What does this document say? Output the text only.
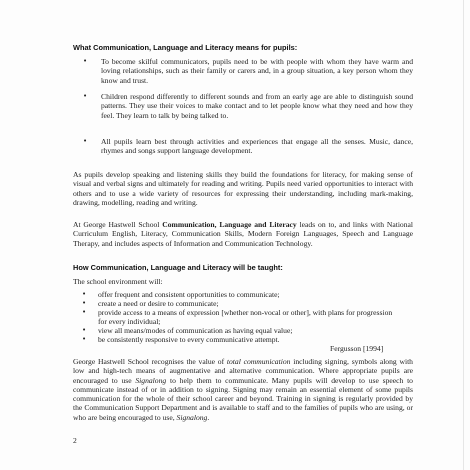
What Communication, Language and Literacy means for pupils:
• To become skilful communicators, pupils need to be with people with whom they have warm and loving relationships, such as their family or carers and, in a group situation, a key person whom they know and trust.
• Children respond differently to different sounds and from an early age are able to distinguish sound patterns. They use their voices to make contact and to let people know what they need and how they feel. They learn to talk by being talked to.
• All pupils learn best through activities and experiences that engage all the senses. Music, dance, rhymes and songs support language development.
As pupils develop speaking and listening skills they build the foundations for literacy, for making sense of visual and verbal signs and ultimately for reading and writing. Pupils need varied opportunities to interact with others and to use a wide variety of resources for expressing their understanding, including mark-making, drawing, modelling, reading and writing.
At George Hastwell School Communication, Language and Literacy leads on to, and links with National Curriculum English, Literacy, Communication Skills, Modern Foreign Languages, Speech and Language Therapy, and includes aspects of Information and Communication Technology.
How Communication, Language and Literacy will be taught:
The school environment will:
• offer frequent and consistent opportunities to communicate;
• create a need or desire to communicate;
• provide access to a means of expression [whether non-vocal or other], with plans for progression for every individual;
• view all means/modes of communication as having equal value;
• be consistently responsive to every communicative attempt.
Fergusson [1994]
George Hastwell School recognises the value of total communication including signing, symbols along with low and high-tech means of augmentative and alternative communication. Where appropriate pupils are encouraged to use Signalong to help them to communicate. Many pupils will develop to use speech to communicate instead of or in addition to signing. Signing may remain an essential element of some pupils communication for the whole of their school career and beyond. Training in signing is regularly provided by the Communication Support Department and is available to staff and to the families of pupils who are using, or who are being encouraged to use, Signalong.
2
